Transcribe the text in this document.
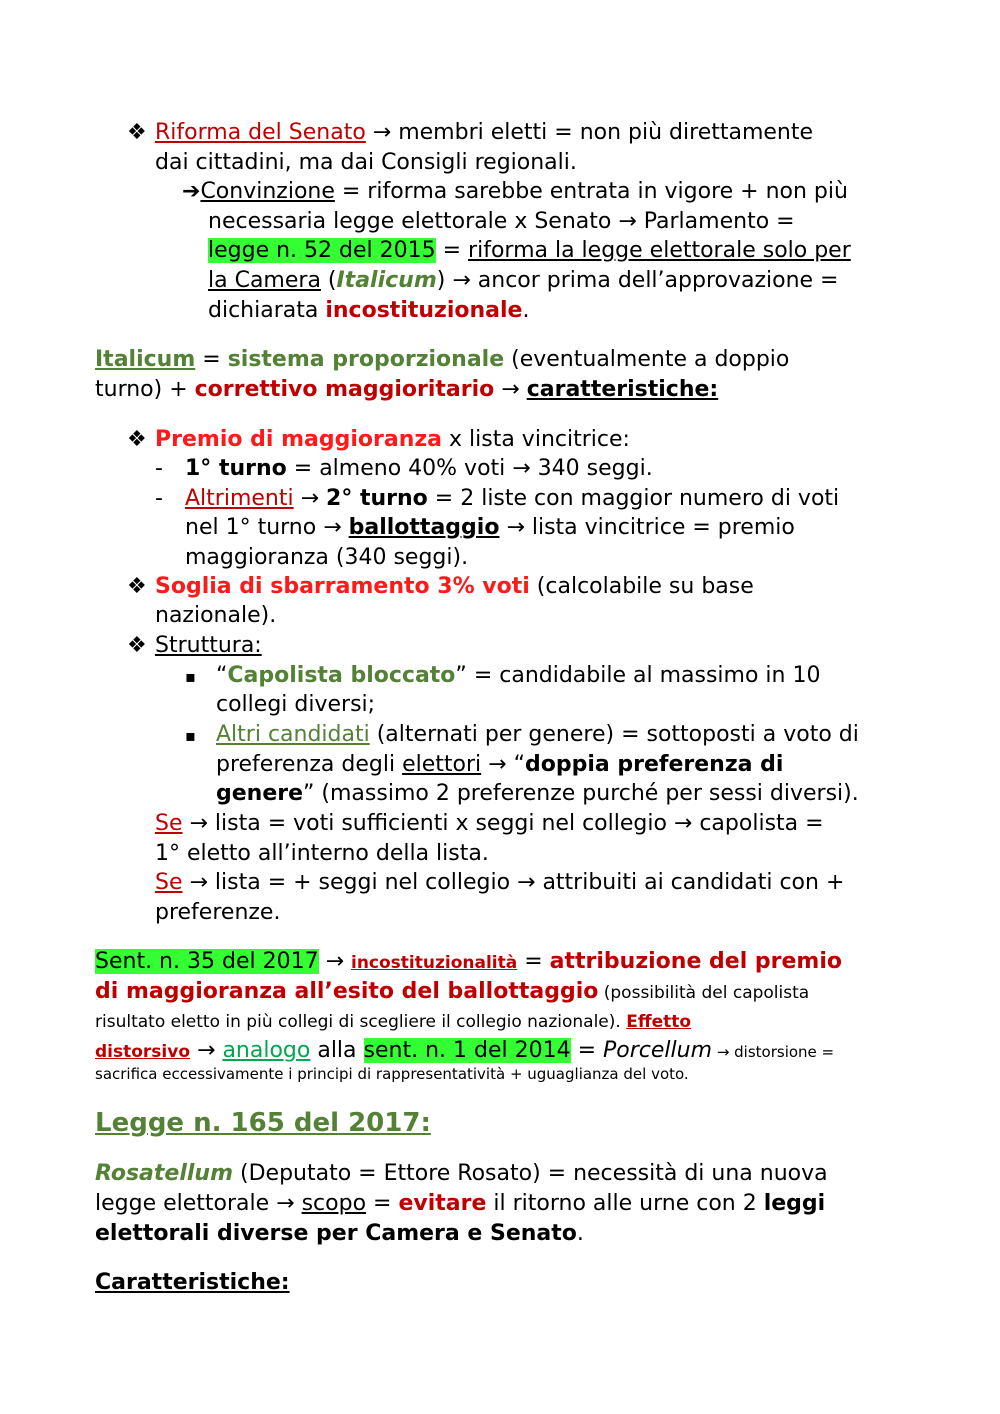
❖ Riforma del Senato → membri eletti = non più direttamente
dai cittadini, ma dai Consigli regionali.
➔Convinzione = riforma sarebbe entrata in vigore + non più
necessaria legge elettorale x Senato → Parlamento =
legge n. 52 del 2015 = riforma la legge elettorale solo per
la Camera (Italicum) → ancor prima dell’approvazione =
dichiarata incostituzionale.
Italicum = sistema proporzionale (eventualmente a doppio
turno) + correttivo maggioritario → caratteristiche:
❖ Premio di maggioranza x lista vincitrice:
- 1° turno = almeno 40% voti → 340 seggi.
- Altrimenti → 2° turno = 2 liste con maggior numero di voti
nel 1° turno → ballottaggio → lista vincitrice = premio
maggioranza (340 seggi).
❖ Soglia di sbarramento 3% voti (calcolabile su base
nazionale).
❖ Struttura:
▪ “Capolista bloccato” = candidabile al massimo in 10
collegi diversi;
▪ Altri candidati (alternati per genere) = sottoposti a voto di
preferenza degli elettori → “doppia preferenza di
genere” (massimo 2 preferenze purché per sessi diversi).
Se → lista = voti sufficienti x seggi nel collegio → capolista =
1° eletto all’interno della lista.
Se → lista = + seggi nel collegio → attribuiti ai candidati con +
preferenze.
Sent. n. 35 del 2017 → incostituzionalità = attribuzione del premio
di maggioranza all’esito del ballottaggio (possibilità del capolista
risultato eletto in più collegi di scegliere il collegio nazionale). Effetto
distorsivo → analogo alla sent. n. 1 del 2014 = Porcellum → distorsione =
sacrifica eccessivamente i principi di rappresentatività + uguaglianza del voto.
Legge n. 165 del 2017:
Rosatellum (Deputato = Ettore Rosato) = necessità di una nuova
legge elettorale → scopo = evitare il ritorno alle urne con 2 leggi
elettorali diverse per Camera e Senato.
Caratteristiche:
